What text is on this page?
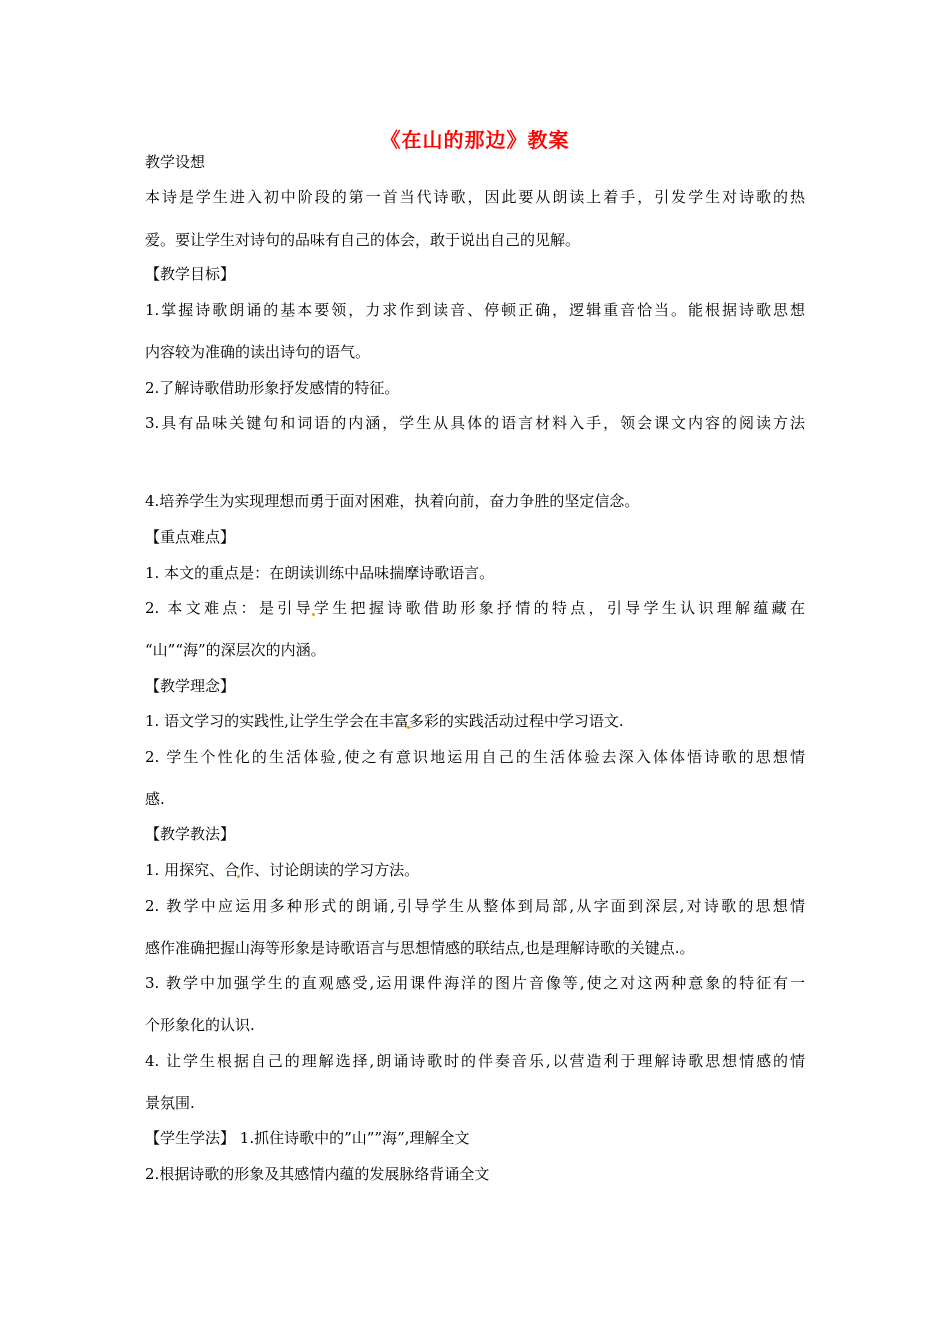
《在山的那边》教案
教学设想
本诗是学生进入初中阶段的第一首当代诗歌，因此要从朗读上着手，引发学生对诗歌的热
爱。要让学生对诗句的品味有自己的体会，敢于说出自己的见解。
【教学目标】
1.掌握诗歌朗诵的基本要领，力求作到读音、停顿正确，逻辑重音恰当。能根据诗歌思想
内容较为准确的读出诗句的语气。
2.了解诗歌借助形象抒发感情的特征。
3.具有品味关键句和词语的内涵，学生从具体的语言材料入手，领会课文内容的阅读方法
4.培养学生为实现理想而勇于面对困难，执着向前，奋力争胜的坚定信念。
【重点难点】
1. 本文的重点是：在朗读训练中品味揣摩诗歌语言。
2. 本文难点：是引导学生把握诗歌借助形象抒情的特点，引导学生认识理解蕴藏在
“山”“海”的深层次的内涵。
【教学理念】
1. 语文学习的实践性,让学生学会在丰富多彩的实践活动过程中学习语文.
2. 学生个性化的生活体验,使之有意识地运用自己的生活体验去深入体体悟诗歌的思想情
感.
【教学教法】
1. 用探究、合作、讨论朗读的学习方法。
2. 教学中应运用多种形式的朗诵,引导学生从整体到局部,从字面到深层,对诗歌的思想情
感作准确把握山海等形象是诗歌语言与思想情感的联结点,也是理解诗歌的关键点.。
3. 教学中加强学生的直观感受,运用课件海洋的图片音像等,使之对这两种意象的特征有一
个形象化的认识.
4. 让学生根据自己的理解选择,朗诵诗歌时的伴奏音乐,以营造利于理解诗歌思想情感的情
景氛围.
【学生学法】 1.抓住诗歌中的”山””海”,理解全文
2.根据诗歌的形象及其感情内蕴的发展脉络背诵全文
